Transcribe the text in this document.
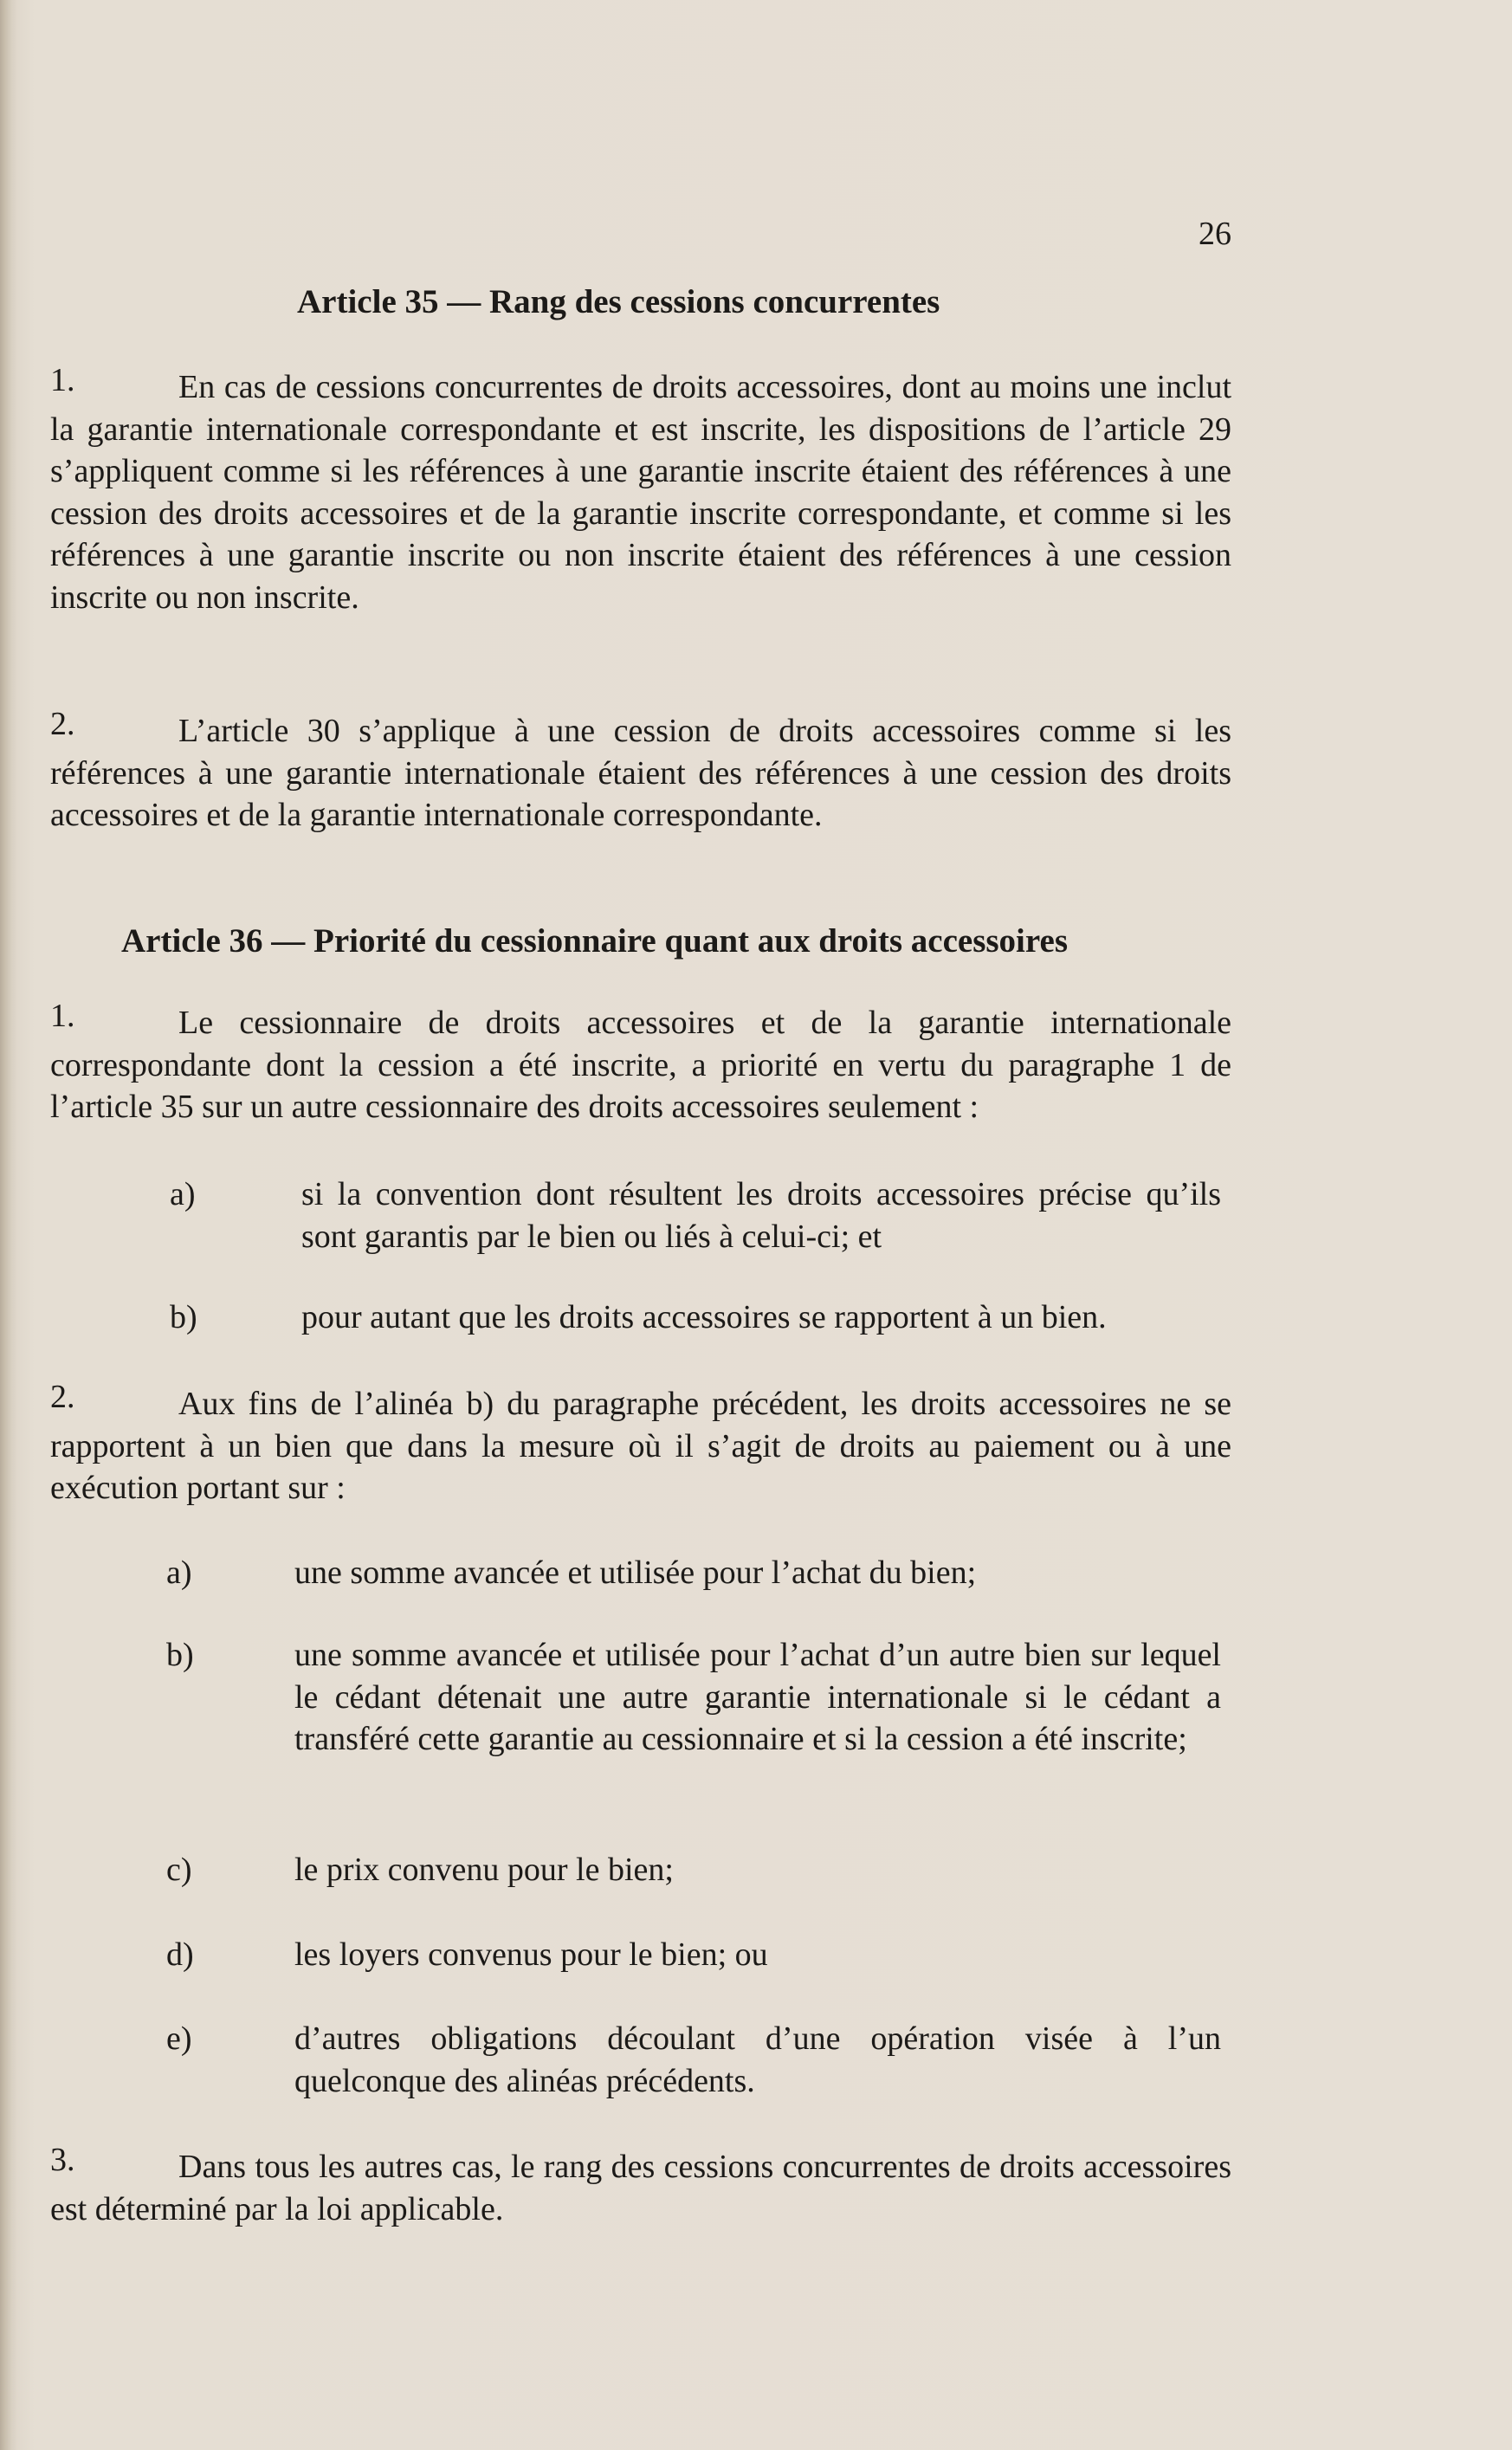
26
Article 35 — Rang des cessions concurrentes
1.	En cas de cessions concurrentes de droits accessoires, dont au moins une inclut la garantie internationale correspondante et est inscrite, les dispositions de l’article 29 s’appliquent comme si les références à une garantie inscrite étaient des références à une cession des droits accessoires et de la garantie inscrite correspondante, et comme si les références à une garantie inscrite ou non inscrite étaient des références à une cession inscrite ou non inscrite.
2.	L’article 30 s’applique à une cession de droits accessoires comme si les références à une garantie internationale étaient des références à une cession des droits accessoires et de la garantie internationale correspondante.
Article 36 — Priorité du cessionnaire quant aux droits accessoires
1.	Le cessionnaire de droits accessoires et de la garantie internationale correspondante dont la cession a été inscrite, a priorité en vertu du paragraphe 1 de l’article 35 sur un autre cessionnaire des droits accessoires seulement :
a)	si la convention dont résultent les droits accessoires précise qu’ils sont garantis par le bien ou liés à celui-ci; et
b)	pour autant que les droits accessoires se rapportent à un bien.
2.	Aux fins de l’alinéa b) du paragraphe précédent, les droits accessoires ne se rapportent à un bien que dans la mesure où il s’agit de droits au paiement ou à une exécution portant sur :
a)	une somme avancée et utilisée pour l’achat du bien;
b)	une somme avancée et utilisée pour l’achat d’un autre bien sur lequel le cédant détenait une autre garantie internationale si le cédant a transféré cette garantie au cessionnaire et si la cession a été inscrite;
c)	le prix convenu pour le bien;
d)	les loyers convenus pour le bien; ou
e)	d’autres obligations découlant d’une opération visée à l’un quelconque des alinéas précédents.
3.	Dans tous les autres cas, le rang des cessions concurrentes de droits accessoires est déterminé par la loi applicable.
